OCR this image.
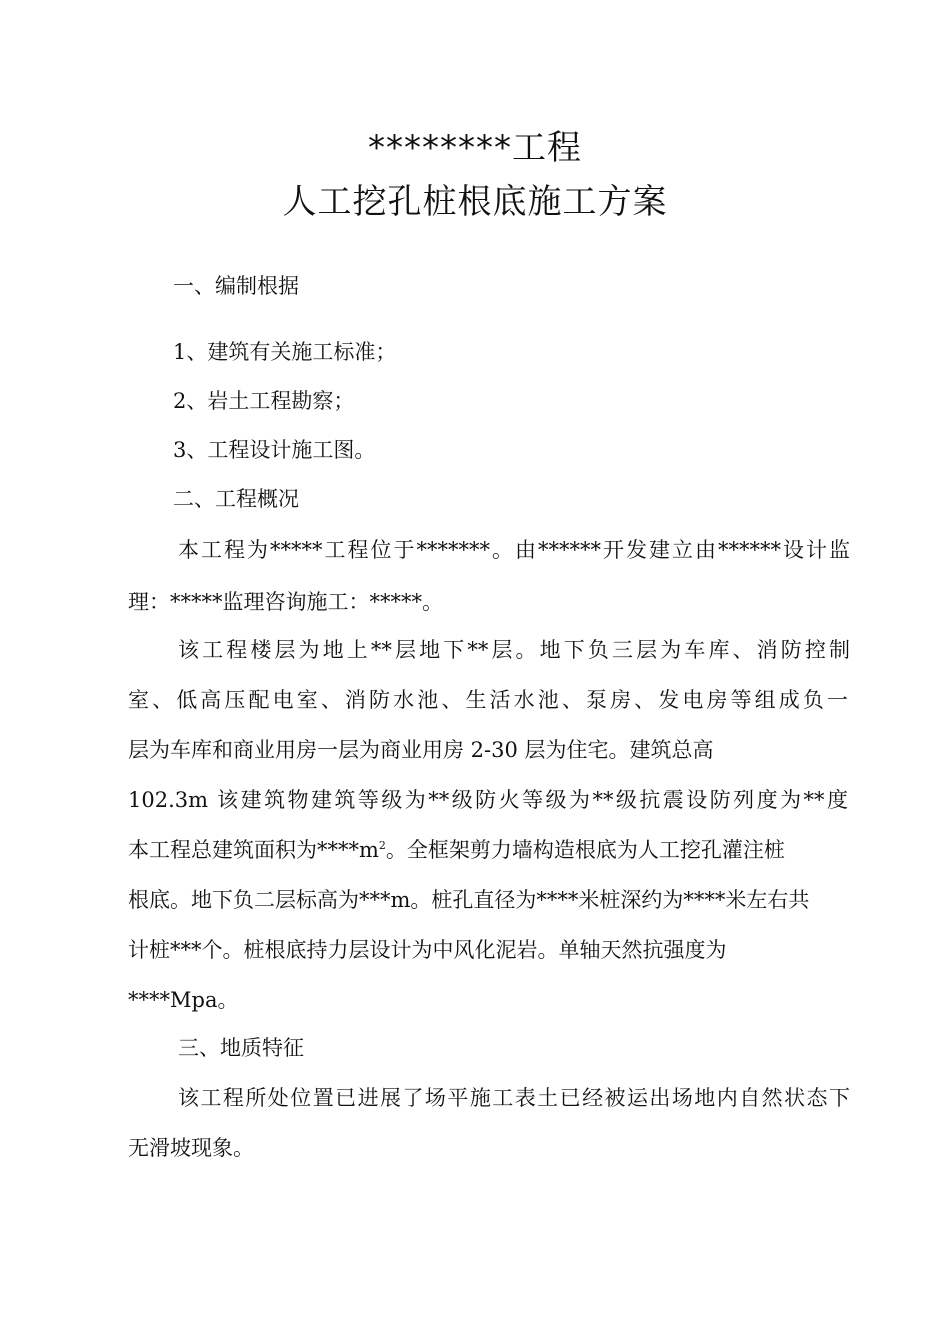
********工程
人工挖孔桩根底施工方案
一、编制根据
1、建筑有关施工标准；
2、岩土工程勘察；
3、工程设计施工图。
二、工程概况
本工程为*****工程位于*******。由******开发建立由******设计监
理：*****监理咨询施工：*****。
该工程楼层为地上**层地下**层。地下负三层为车库、消防控制
室、低高压配电室、消防水池、生活水池、泵房、发电房等组成负一
层为车库和商业用房一层为商业用房 2-30 层为住宅。建筑总高
102.3m 该建筑物建筑等级为**级防火等级为**级抗震设防列度为**度
本工程总建筑面积为$****m^2$。全框架剪力墙构造根底为人工挖孔灌注桩
根底。地下负二层标高为***m。桩孔直径为****米桩深约为****米左右共
计桩***个。桩根底持力层设计为中风化泥岩。单轴天然抗强度为
****Mpa。
三、地质特征
该工程所处位置已进展了场平施工表土已经被运出场地内自然状态下
无滑坡现象。
